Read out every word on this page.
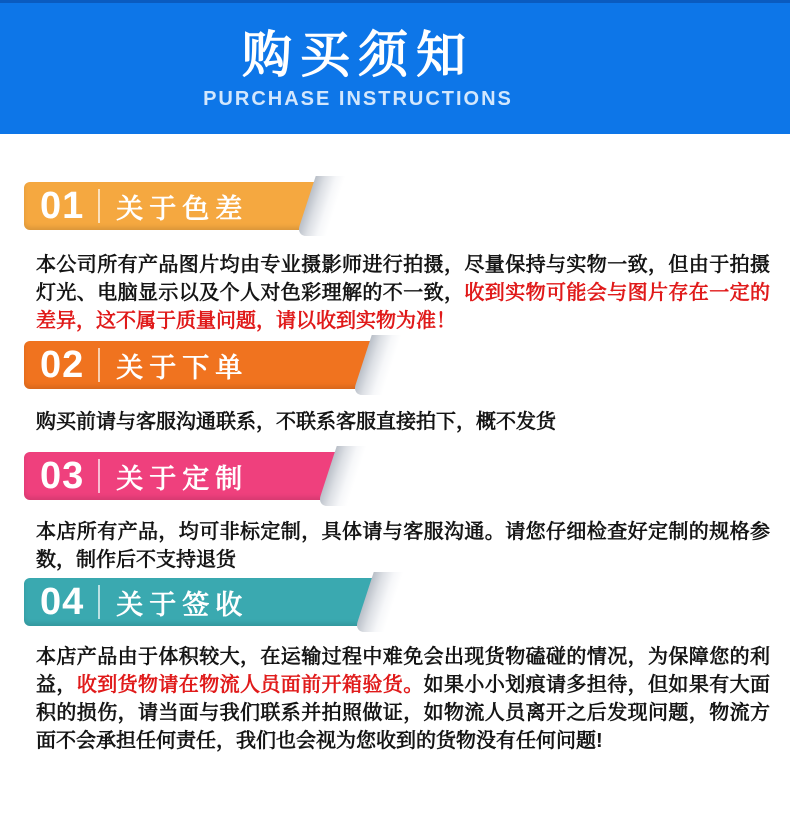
购买须知
PURCHASE INSTRUCTIONS
01 关于色差

本公司所有产品图片均由专业摄影师进行拍摄，尽量保持与实物一致，但由于拍摄灯光、电脑显示以及个人对色彩理解的不一致，收到实物可能会与图片存在一定的差异，这不属于质量问题，请以收到实物为准！

02 关于下单

购买前请与客服沟通联系，不联系客服直接拍下，概不发货

03 关于定制

本店所有产品，均可非标定制，具体请与客服沟通。请您仔细检查好定制的规格参数，制作后不支持退货

04 关于签收

本店产品由于体积较大，在运输过程中难免会出现货物磕碰的情况，为保障您的利益，收到货物请在物流人员面前开箱验货。如果小小划痕请多担待，但如果有大面积的损伤，请当面与我们联系并拍照做证，如物流人员离开之后发现问题，物流方面不会承担任何责任，我们也会视为您收到的货物没有任何问题!
